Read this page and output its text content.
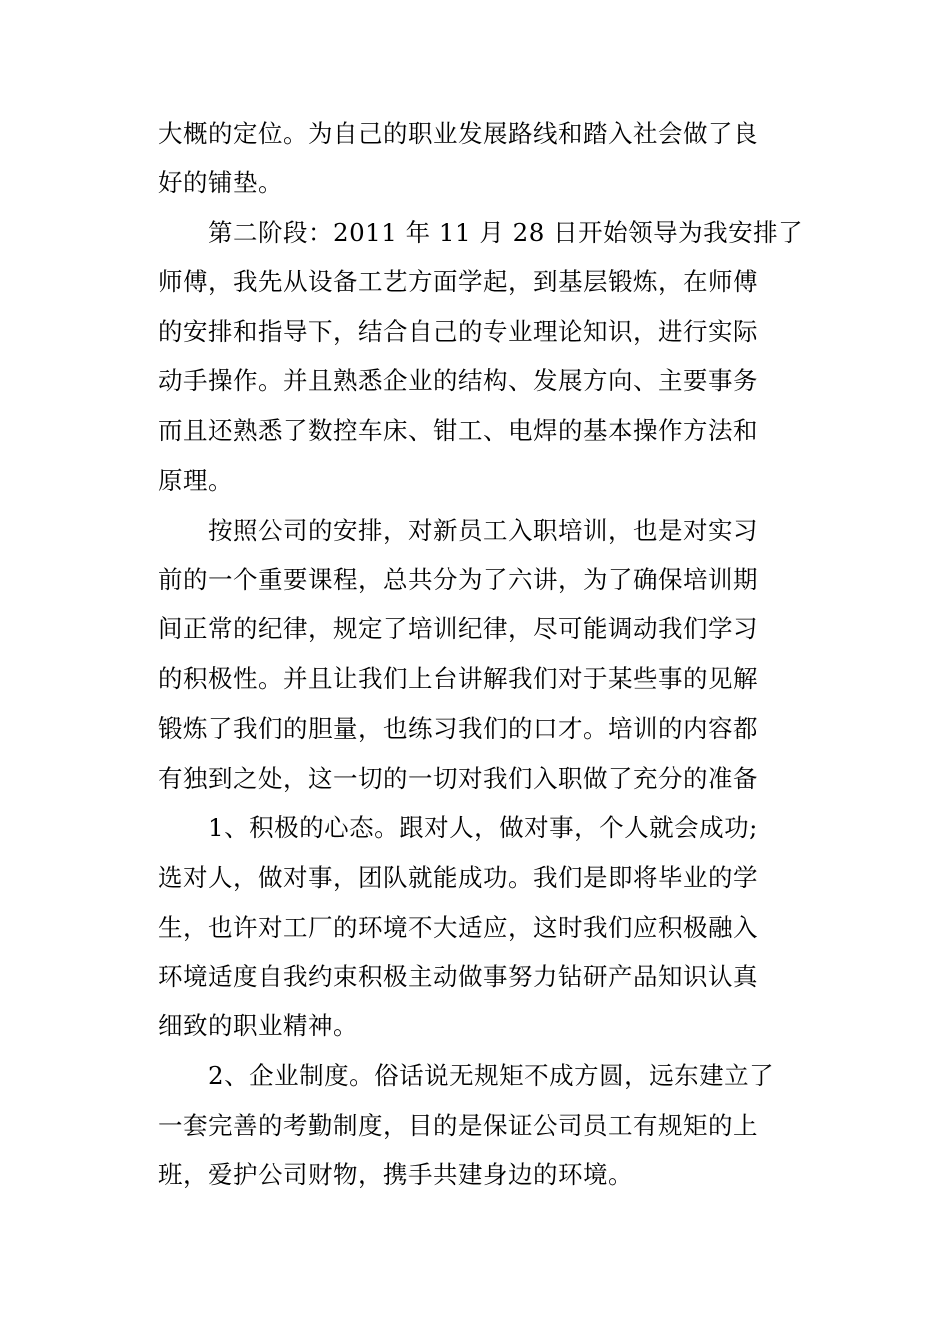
大概的定位。为自己的职业发展路线和踏入社会做了良
好的铺垫。
第二阶段：2011 年 11 月 28 日开始领导为我安排了
师傅，我先从设备工艺方面学起，到基层锻炼，在师傅
的安排和指导下，结合自己的专业理论知识，进行实际
动手操作。并且熟悉企业的结构、发展方向、主要事务
而且还熟悉了数控车床、钳工、电焊的基本操作方法和
原理。
按照公司的安排，对新员工入职培训，也是对实习
前的一个重要课程，总共分为了六讲，为了确保培训期
间正常的纪律，规定了培训纪律，尽可能调动我们学习
的积极性。并且让我们上台讲解我们对于某些事的见解
锻炼了我们的胆量，也练习我们的口才。培训的内容都
有独到之处，这一切的一切对我们入职做了充分的准备
1、积极的心态。跟对人，做对事，个人就会成功;
选对人，做对事，团队就能成功。我们是即将毕业的学
生，也许对工厂的环境不大适应，这时我们应积极融入
环境适度自我约束积极主动做事努力钻研产品知识认真
细致的职业精神。
2、企业制度。俗话说无规矩不成方圆，远东建立了
一套完善的考勤制度，目的是保证公司员工有规矩的上
班，爱护公司财物，携手共建身边的环境。
